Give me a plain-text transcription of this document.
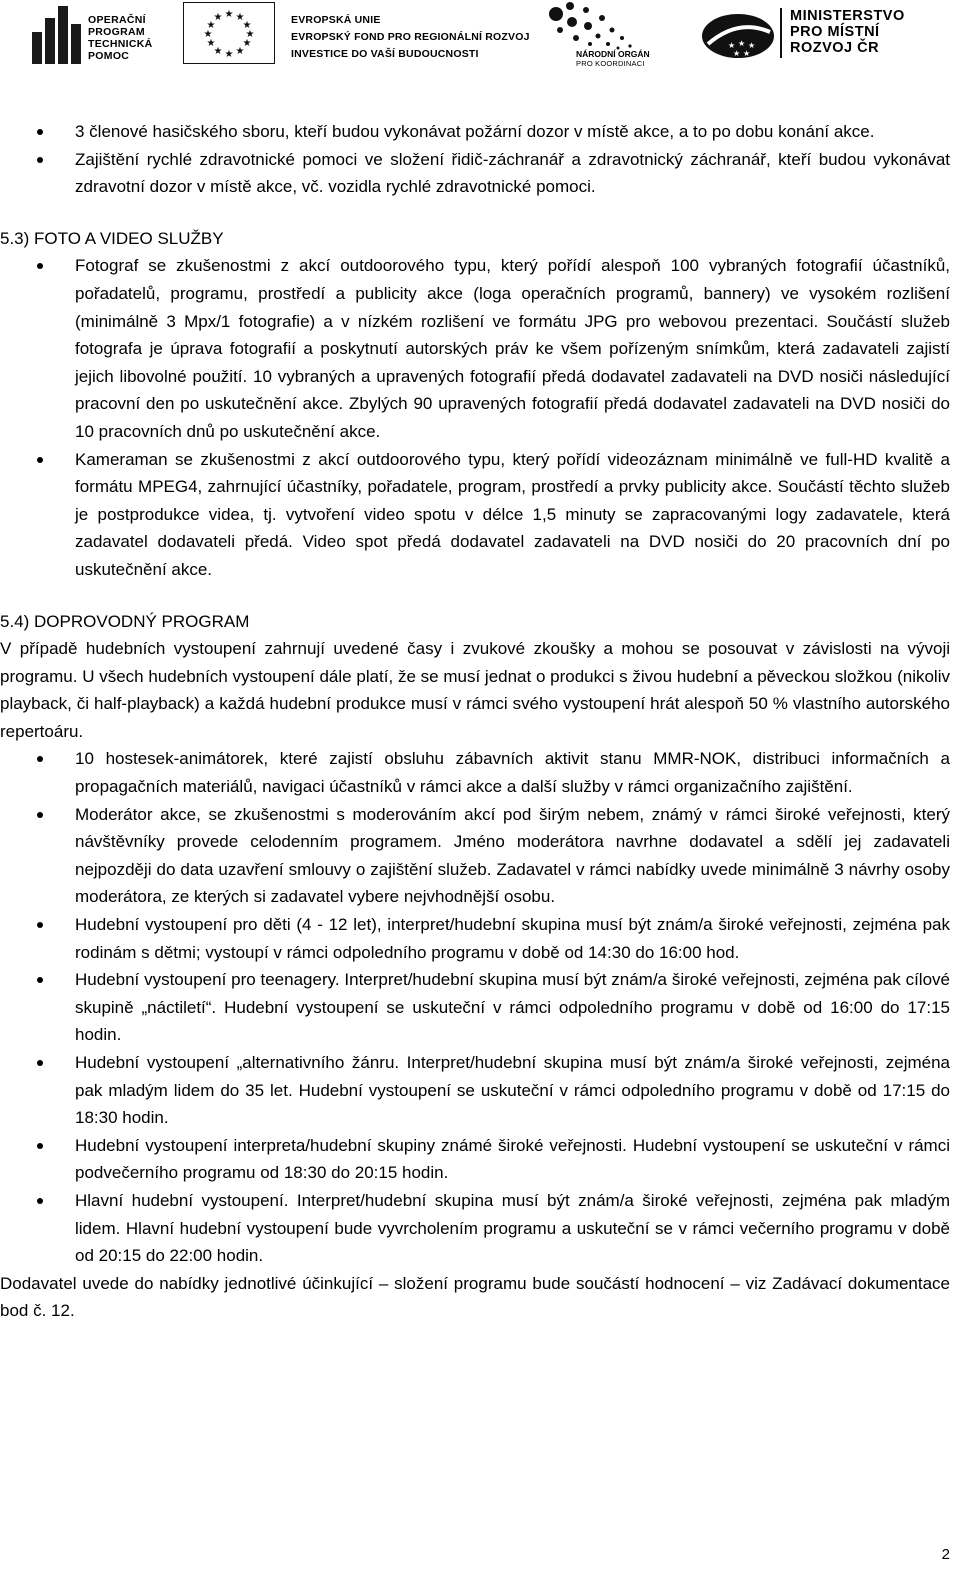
OPERAČNÍ
PROGRAM
TECHNICKÁ
POMOC
★ ★
★
★
★
★
★
★
★
★
★
★	EVROPSKÁ UNIE
EVROPSKÝ FOND PRO REGIONÁLNÍ ROZVOJ
INVESTICE DO VAŠÍ BUDOUCNOSTI	NÁRODNÍ ORGÁN
PRO KOORDINACI
★ ★ ★
★ ★
MINISTERSTVO
PRO MÍSTNÍ
ROZVOJ ČR
3 členové hasičského sboru, kteří budou vykonávat požární dozor v místě akce, a to po dobu konání akce.
Zajištění rychlé zdravotnické pomoci ve složení řidič-záchranář a zdravotnický záchranář, kteří budou vykonávat zdravotní dozor v místě akce, vč. vozidla rychlé zdravotnické pomoci.

5.3) FOTO A VIDEO SLUŽBY

Fotograf se zkušenostmi z akcí outdoorového typu, který pořídí alespoň 100 vybraných fotografií účastníků, pořadatelů, programu, prostředí a publicity akce (loga operačních programů, bannery) ve vysokém rozlišení (minimálně 3 Mpx/1 fotografie) a v nízkém rozlišení ve formátu JPG pro webovou prezentaci. Součástí služeb fotografa je úprava fotografií a poskytnutí autorských práv ke všem pořízeným snímkům, která zadavateli zajistí jejich libovolné použití. 10 vybraných a upravených fotografií předá dodavatel zadavateli na DVD nosiči následující pracovní den po uskutečnění akce. Zbylých 90 upravených fotografií předá dodavatel zadavateli na DVD nosiči do 10 pracovních dnů po uskutečnění akce.
Kameraman se zkušenostmi z akcí outdoorového typu, který pořídí videozáznam minimálně ve full-HD kvalitě a formátu MPEG4, zahrnující účastníky, pořadatele, program, prostředí a prvky publicity akce. Součástí těchto služeb je postprodukce videa, tj. vytvoření video spotu v délce 1,5 minuty se zapracovanými logy zadavatele, která zadavatel dodavateli předá. Video spot předá dodavatel zadavateli na DVD nosiči do 20 pracovních dní po uskutečnění akce.

5.4) DOPROVODNÝ PROGRAM

V případě hudebních vystoupení zahrnují uvedené časy i zvukové zkoušky a mohou se posouvat v závislosti na vývoji programu. U všech hudebních vystoupení dále platí, že se musí jednat o produkci s živou hudební a pěveckou složkou (nikoliv playback, či half-playback) a každá hudební produkce musí v rámci svého vystoupení hrát alespoň 50 % vlastního autorského repertoáru.

10 hostesek-animátorek, které zajistí obsluhu zábavních aktivit stanu MMR-NOK, distribuci informačních a propagačních materiálů, navigaci účastníků v rámci akce a další služby v rámci organizačního zajištění.
Moderátor akce, se zkušenostmi s moderováním akcí pod širým nebem, známý v rámci široké veřejnosti, který návštěvníky provede celodenním programem. Jméno moderátora navrhne dodavatel a sdělí jej zadavateli nejpozději do data uzavření smlouvy o zajištění služeb. Zadavatel v rámci nabídky uvede minimálně 3 návrhy osoby moderátora, ze kterých si zadavatel vybere nejvhodnější osobu.
Hudební vystoupení pro děti (4 - 12 let), interpret/hudební skupina musí být znám/a široké veřejnosti, zejména pak rodinám s dětmi; vystoupí v rámci odpoledního programu v době od 14:30 do 16:00 hod.
Hudební vystoupení pro teenagery. Interpret/hudební skupina musí být znám/a široké veřejnosti, zejména pak cílové skupině „náctiletí“. Hudební vystoupení se uskuteční v rámci odpoledního programu v době od 16:00 do 17:15 hodin.
Hudební vystoupení „alternativního žánru. Interpret/hudební skupina musí být znám/a široké veřejnosti, zejména pak mladým lidem do 35 let. Hudební vystoupení se uskuteční v rámci odpoledního programu v době od 17:15 do 18:30 hodin.
Hudební vystoupení interpreta/hudební skupiny známé široké veřejnosti. Hudební vystoupení se uskuteční v rámci podvečerního programu od 18:30 do 20:15 hodin.
Hlavní hudební vystoupení. Interpret/hudební skupina musí být znám/a široké veřejnosti, zejména pak mladým lidem. Hlavní hudební vystoupení bude vyvrcholením programu a uskuteční se v rámci večerního programu v době od 20:15 do 22:00 hodin.

Dodavatel uvede do nabídky jednotlivé účinkující – složení programu bude součástí hodnocení – viz Zadávací dokumentace bod č. 12.

2
